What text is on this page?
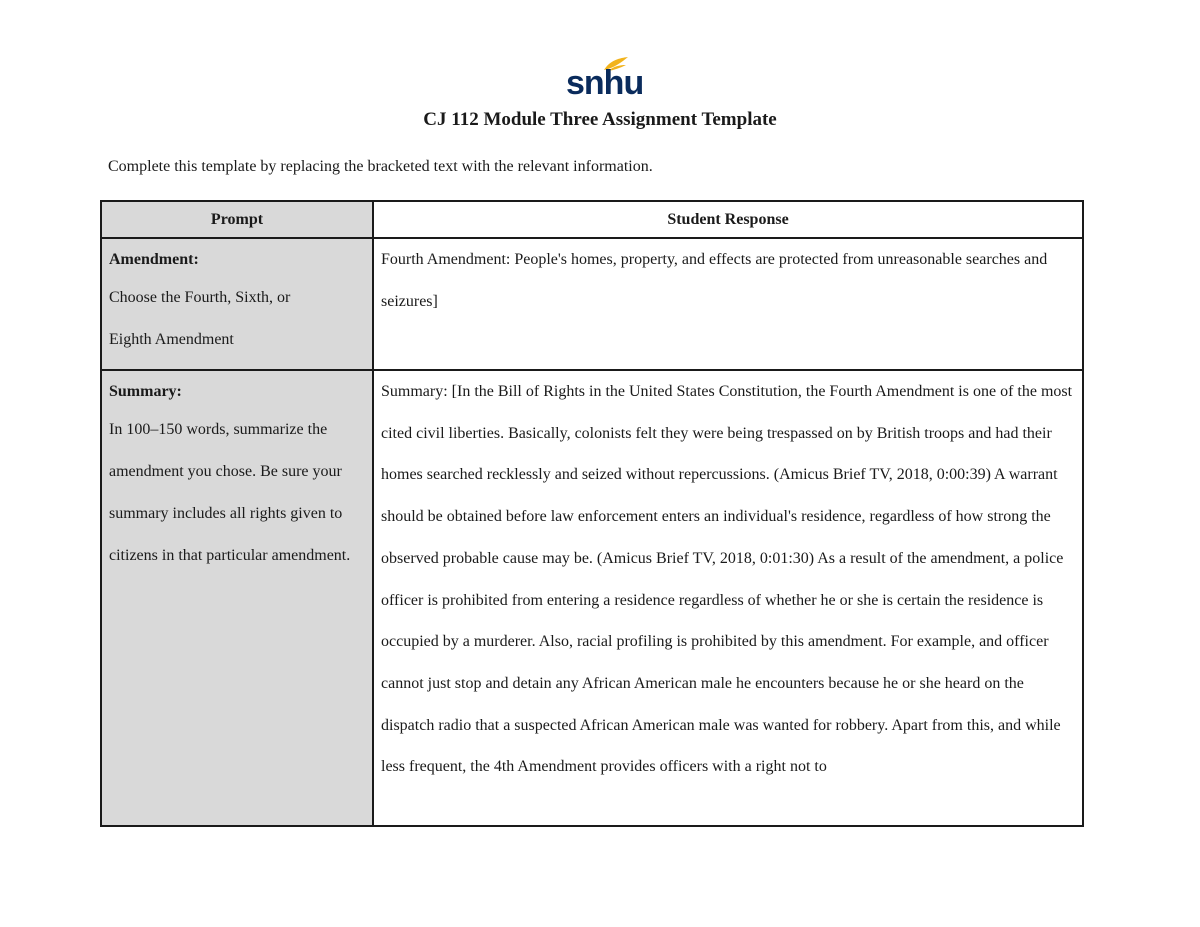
snhu
CJ 112 Module Three Assignment Template
Complete this template by replacing the bracketed text with the relevant information.
Prompt	Student Response

Amendment:

Choose the Fourth, Sixth, or Eighth Amendment	Fourth Amendment: People's homes, property, and effects are protected from unreasonable searches and seizures]

Summary:

In 100–150 words, summarize the amendment you chose. Be sure your summary includes all rights given to citizens in that particular amendment.	Summary: [In the Bill of Rights in the United States Constitution, the Fourth Amendment is one of the most cited civil liberties. Basically, colonists felt they were being trespassed on by British troops and had their homes searched recklessly and seized without repercussions. (Amicus Brief TV, 2018, 0:00:39) A warrant should be obtained before law enforcement enters an individual's residence, regardless of how strong the observed probable cause may be. (Amicus Brief TV, 2018, 0:01:30) As a result of the amendment, a police officer is prohibited from entering a residence regardless of whether he or she is certain the residence is occupied by a murderer. Also, racial profiling is prohibited by this amendment. For example, and officer cannot just stop and detain any African American male he encounters because he or she heard on the dispatch radio that a suspected African American male was wanted for robbery. Apart from this, and while less frequent, the 4th Amendment provides officers with a right not to
